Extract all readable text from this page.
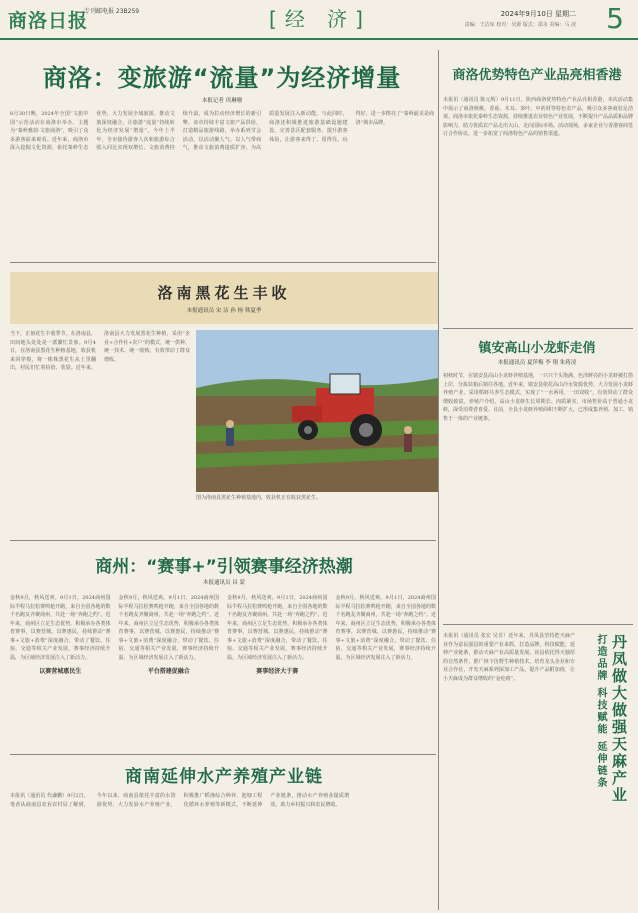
商洛日报
专刊邮电报 23B259	[经 济]	2024年9月10日 星期二
责编：王洁琼 校对：吴源 版式：邵永 美编：马 凌 5
商洛：变旅游“流量”为经济增量
本报记者 巩琳珊
8月30日晚，2024年全国“文旅中国”示范活动在商洛市举办。主题为“秦岭雅韵·文旅商洛”，吸引了众多游客前来观看。近年来，商洛市深入挖掘文化资源，依托秦岭生态优势，大力发展全域旅游，推动文旅深度融合，让旅游“流量”持续转化为经济发展“增量”。今年上半年，全市接待游客人次和旅游综合收入同比实现双增长，文旅消费持续升温，成为拉动经济增长的新引擎。该市持续丰富文旅产品供给，打造精品旅游线路，举办系列节会活动，以活动聚人气、以人气带商气，推动文旅消费提质扩容，为高质量发展注入新动能。与此同时，商洛还积极推进旅游基础设施建设，完善景区配套服务，提升游客体验，让游客来得了、留得住、玩得好，进一步擦亮了“秦岭最美是商洛”城市品牌。
商洛优势特色产业品亮相香港
本报讯（通讯员 陈元辉）9月11日，陕西商洛优势特色产业品亮相香港，本次活动集中展示了商洛核桃、香菇、木耳、茶叶、中药材等特色农产品，吸引众多客商驻足洽谈。商洛市依托秦岭生态资源，持续推进农业特色产业发展，不断提升产品品质和品牌影响力，助力优质农产品走出大山、走向国际市场。活动现场，多家企业与香港客商签订合作协议，进一步拓宽了商洛特色产品的销售渠道。
镇安高山小龙虾走俏
本报通讯员 夏萍梅 李 翔 朱蒋凌
初秋时节，在镇安县高山小龙虾养殖基地，一只只个头饱满、色泽鲜亮的小龙虾被打捞上岸，分拣装箱后销往各地。近年来，镇安县依托高山冷水资源优势，大力发展小龙虾养殖产业，采用稻虾共养生态模式，实现了“一水两用、一田双收”，有效带动了群众增收致富。养殖户介绍，高山小龙虾生长周期长、肉质紧实，市场售价高于普通小龙虾，深受消费者喜爱。目前，全县小龙虾养殖面积不断扩大，已形成集养殖、加工、销售于一体的产业链条。
本报讯（通讯员 张宏 吴非）近年来，丹凤县坚持把天麻产业作为富民强县的重要产业来抓，打造品牌，科技赋能，延伸产业链条，推动天麻产业高质量发展。该县依托得天独厚的自然条件，推广林下仿野生种植技术，培育龙头企业和专业合作社，开发天麻系列深加工产品，提升产品附加值，让小天麻成为群众增收的“金疙瘩”。	丹凤做大做强天麻产业
打造品牌 科技赋能 延伸链条
洛南黑花生丰收
本报通讯员 宋 洁 孙 杨 韩夏季
当下，正值花生丰收季节。在洛南县，田间地头处处是一派繁忙景象。9月4日，在洛南县黑花生种植基地，收获机来回穿梭，将一株株黑花生从土里翻出，村民们忙着捡拾、装袋。近年来，洛南县大力发展黑花生种植，采用“企业+合作社+农户”的模式，统一供种、统一技术、统一收购，有效带动了群众增收。
图为洛南县黑花生种植基地内，收获机正在收获黑花生。
商州：“赛事+”引领赛事经济热潮
本报通讯员 昌 蒙
金秋9月，秋风送爽。9月1日，2024商州国际半程马拉松赛鸣枪开跑，来自全国各地的数千名跑友齐聚商州，共赴一场“奔跑之约”。近年来，商州区立足生态优势，积极承办各类体育赛事，以赛营城、以赛惠民，持续推动“赛事+文旅+消费”深度融合，带动了餐饮、住宿、交通等相关产业发展，赛事经济持续升温，为区域经济发展注入了新活力。
以赛营城惠民生
金秋9月，秋风送爽。9月1日，2024商州国际半程马拉松赛鸣枪开跑，来自全国各地的数千名跑友齐聚商州，共赴一场“奔跑之约”。近年来，商州区立足生态优势，积极承办各类体育赛事，以赛营城、以赛惠民，持续推动“赛事+文旅+消费”深度融合，带动了餐饮、住宿、交通等相关产业发展，赛事经济持续升温，为区域经济发展注入了新活力。
平台搭建促融合
金秋9月，秋风送爽。9月1日，2024商州国际半程马拉松赛鸣枪开跑，来自全国各地的数千名跑友齐聚商州，共赴一场“奔跑之约”。近年来，商州区立足生态优势，积极承办各类体育赛事，以赛营城、以赛惠民，持续推动“赛事+文旅+消费”深度融合，带动了餐饮、住宿、交通等相关产业发展，赛事经济持续升温，为区域经济发展注入了新活力。
赛事经济大于赛
金秋9月，秋风送爽。9月1日，2024商州国际半程马拉松赛鸣枪开跑，来自全国各地的数千名跑友齐聚商州，共赴一场“奔跑之约”。近年来，商州区立足生态优势，积极承办各类体育赛事，以赛营城、以赛惠民，持续推动“赛事+文旅+消费”深度融合，带动了餐饮、住宿、交通等相关产业发展，赛事经济持续升温，为区域经济发展注入了新活力。
商南延伸水产养殖产业链
本报讯（通讯员 代谦鹏）9月2日，笔者从商南县农业农村局了解到，今年以来，商南县依托丰富的水资源优势，大力发展水产养殖产业，积极推广稻渔综合种养、池塘工程化循环水养殖等新模式，不断延伸产业链条，推动水产养殖业提质增效，助力乡村振兴和农民增收。
